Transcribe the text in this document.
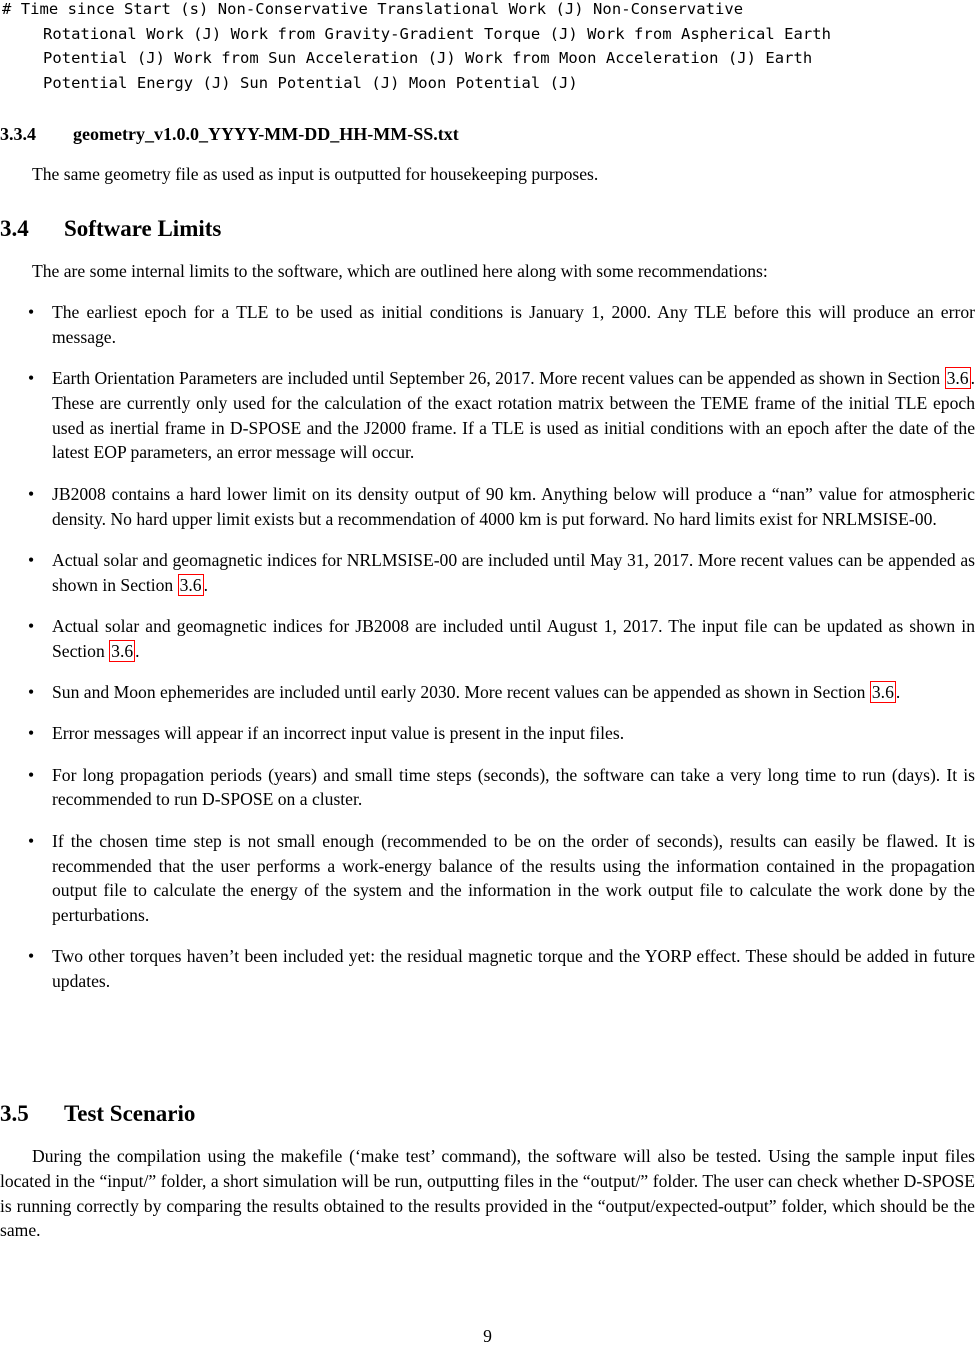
# Time since Start (s) Non-Conservative Translational Work (J) Non-Conservative
Rotational Work (J) Work from Gravity-Gradient Torque (J) Work from Aspherical Earth
Potential (J) Work from Sun Acceleration (J) Work from Moon Acceleration (J) Earth
Potential Energy (J) Sun Potential (J) Moon Potential (J)
3.3.4 geometry_v1.0.0_YYYY-MM-DD_HH-MM-SS.txt

The same geometry file as used as input is outputted for housekeeping purposes.

3.4 Software Limits

The are some internal limits to the software, which are outlined here along with some recommendations:

• The earliest epoch for a TLE to be used as initial conditions is January 1, 2000. Any TLE before this will produce an error message.
• Earth Orientation Parameters are included until September 26, 2017. More recent values can be appended as shown in Section 3.6 . These are currently only used for the calculation of the exact rotation matrix between the TEME frame of the initial TLE epoch used as inertial frame in D-SPOSE and the J2000 frame. If a TLE is used as initial conditions with an epoch after the date of the latest EOP parameters, an error message will occur.
• JB2008 contains a hard lower limit on its density output of 90 km. Anything below will produce a “nan” value for atmospheric density. No hard upper limit exists but a recommendation of 4000 km is put forward. No hard limits exist for NRLMSISE-00.
• Actual solar and geomagnetic indices for NRLMSISE-00 are included until May 31, 2017. More recent values can be appended as shown in Section 3.6 .
• Actual solar and geomagnetic indices for JB2008 are included until August 1, 2017. The input file can be updated as shown in Section 3.6 .
• Sun and Moon ephemerides are included until early 2030. More recent values can be appended as shown in Section 3.6 .
• Error messages will appear if an incorrect input value is present in the input files.
• For long propagation periods (years) and small time steps (seconds), the software can take a very long time to run (days). It is recommended to run D-SPOSE on a cluster.
• If the chosen time step is not small enough (recommended to be on the order of seconds), results can easily be flawed. It is recommended that the user performs a work-energy balance of the results using the information contained in the propagation output file to calculate the energy of the system and the information in the work output file to calculate the work done by the perturbations.
• Two other torques haven’t been included yet: the residual magnetic torque and the YORP effect. These should be added in future updates.
3.5 Test Scenario

During the compilation using the makefile (‘make test’ command), the software will also be tested. Using the sample input files located in the “input/” folder, a short simulation will be run, outputting files in the “output/” folder. The user can check whether D-SPOSE is running correctly by comparing the results obtained to the results provided in the “output/expected-output” folder, which should be the same.

9
